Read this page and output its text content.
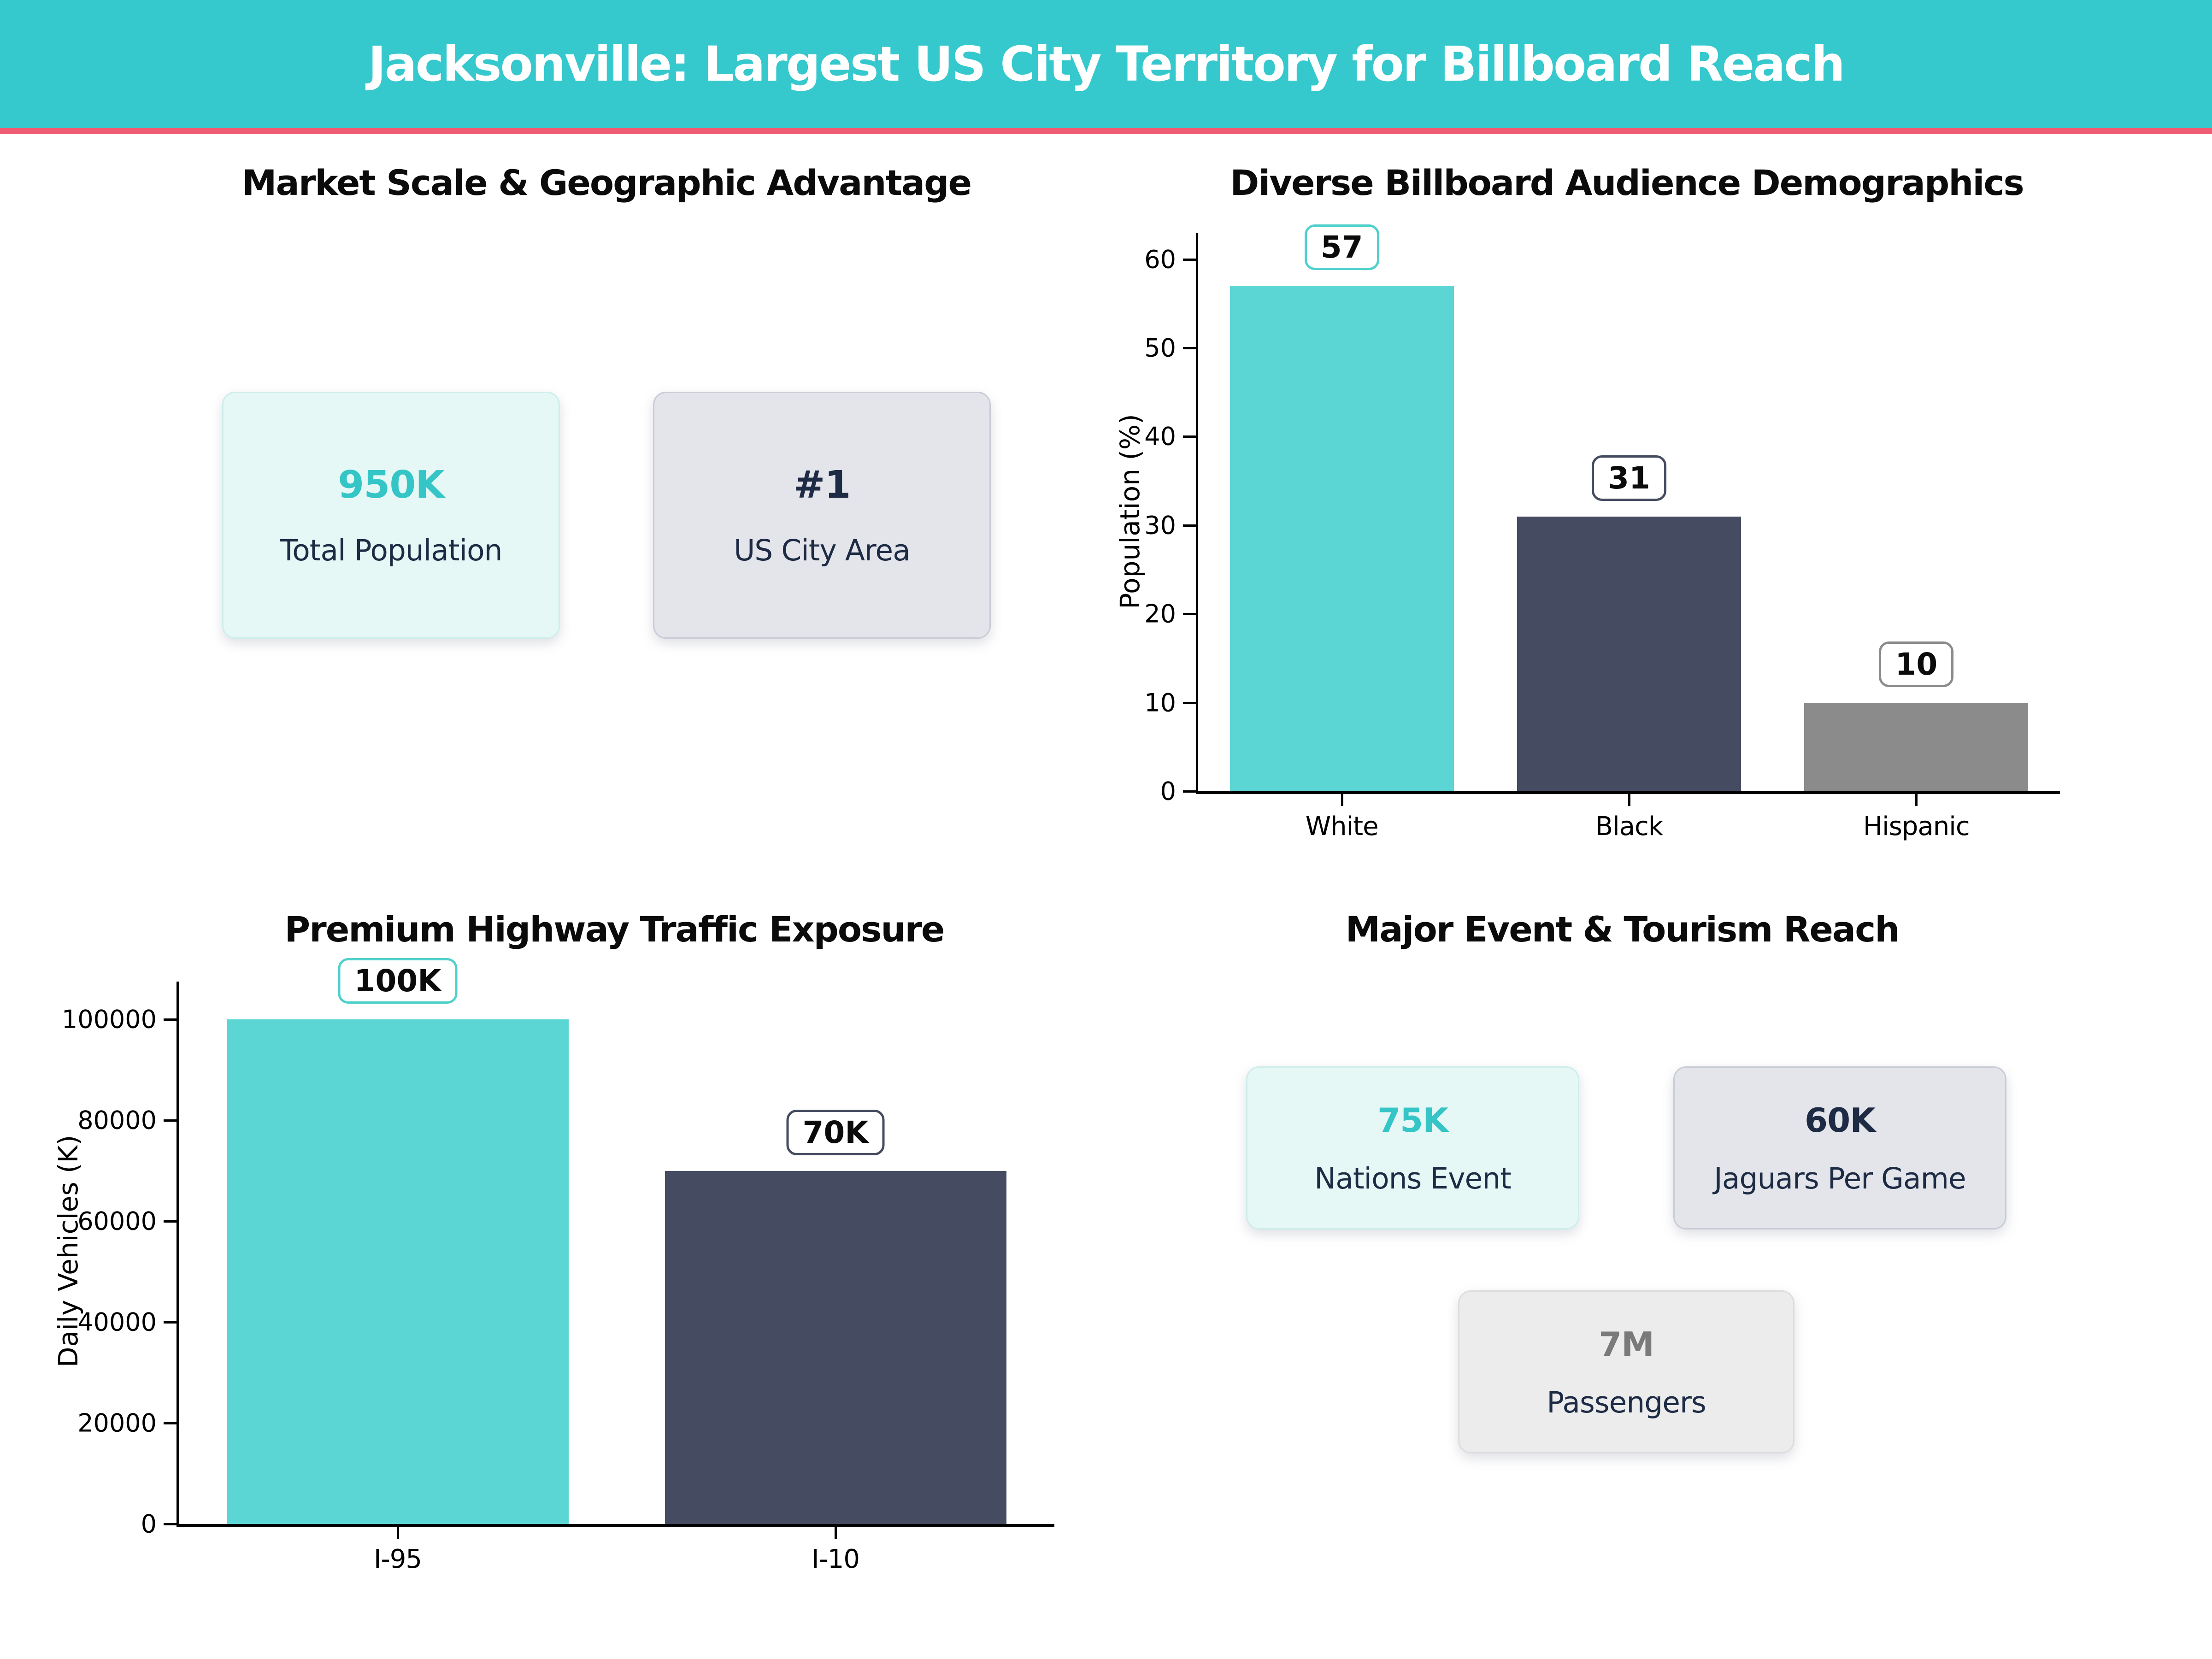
Jacksonville: Largest US City Territory for Billboard Reach
Market Scale & Geographic Advantage
950K
Total Population
#1
US City Area
Diverse Billboard Audience Demographics
Population (%)
0
10
20
30
40
50
60	57
White
31
Black
10
Hispanic
Premium Highway Traffic Exposure
Daily Vehicles (K)
0
20000
40000
60000
80000
100000
100K
I-95
70K
I-10
Major Event & Tourism Reach
75K
Nations Event
60K
Jaguars Per Game
7M
Passengers
